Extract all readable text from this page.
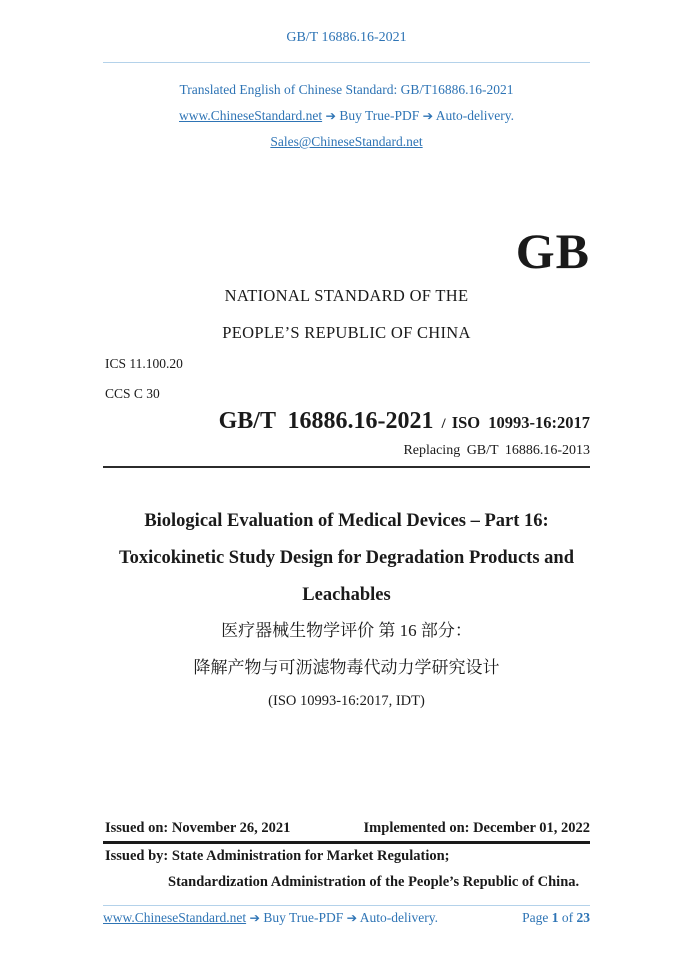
GB/T 16886.16-2021
Translated English of Chinese Standard: GB/T16886.16-2021
www.ChineseStandard.net ➔ Buy True-PDF ➔ Auto-delivery.
Sales@ChineseStandard.net
GB
NATIONAL STANDARD OF THE
PEOPLE’S REPUBLIC OF CHINA
ICS 11.100.20
CCS C 30
GB/T 16886.16-2021 / ISO 10993-16:2017
Replacing GB/T 16886.16-2013
Biological Evaluation of Medical Devices – Part 16:
Toxicokinetic Study Design for Degradation Products and
Leachables
医疗器械生物学评价 第 16 部分：
降解产物与可沥滤物毒代动力学研究设计
(ISO 10993-16:2017, IDT)
Issued on: November 26, 2021	Implemented on: December 01, 2022
Issued by: State Administration for Market Regulation;
Standardization Administration of the People’s Republic of China.
www.ChineseStandard.net ➔ Buy True-PDF ➔ Auto-delivery.	Page 1 of 23
